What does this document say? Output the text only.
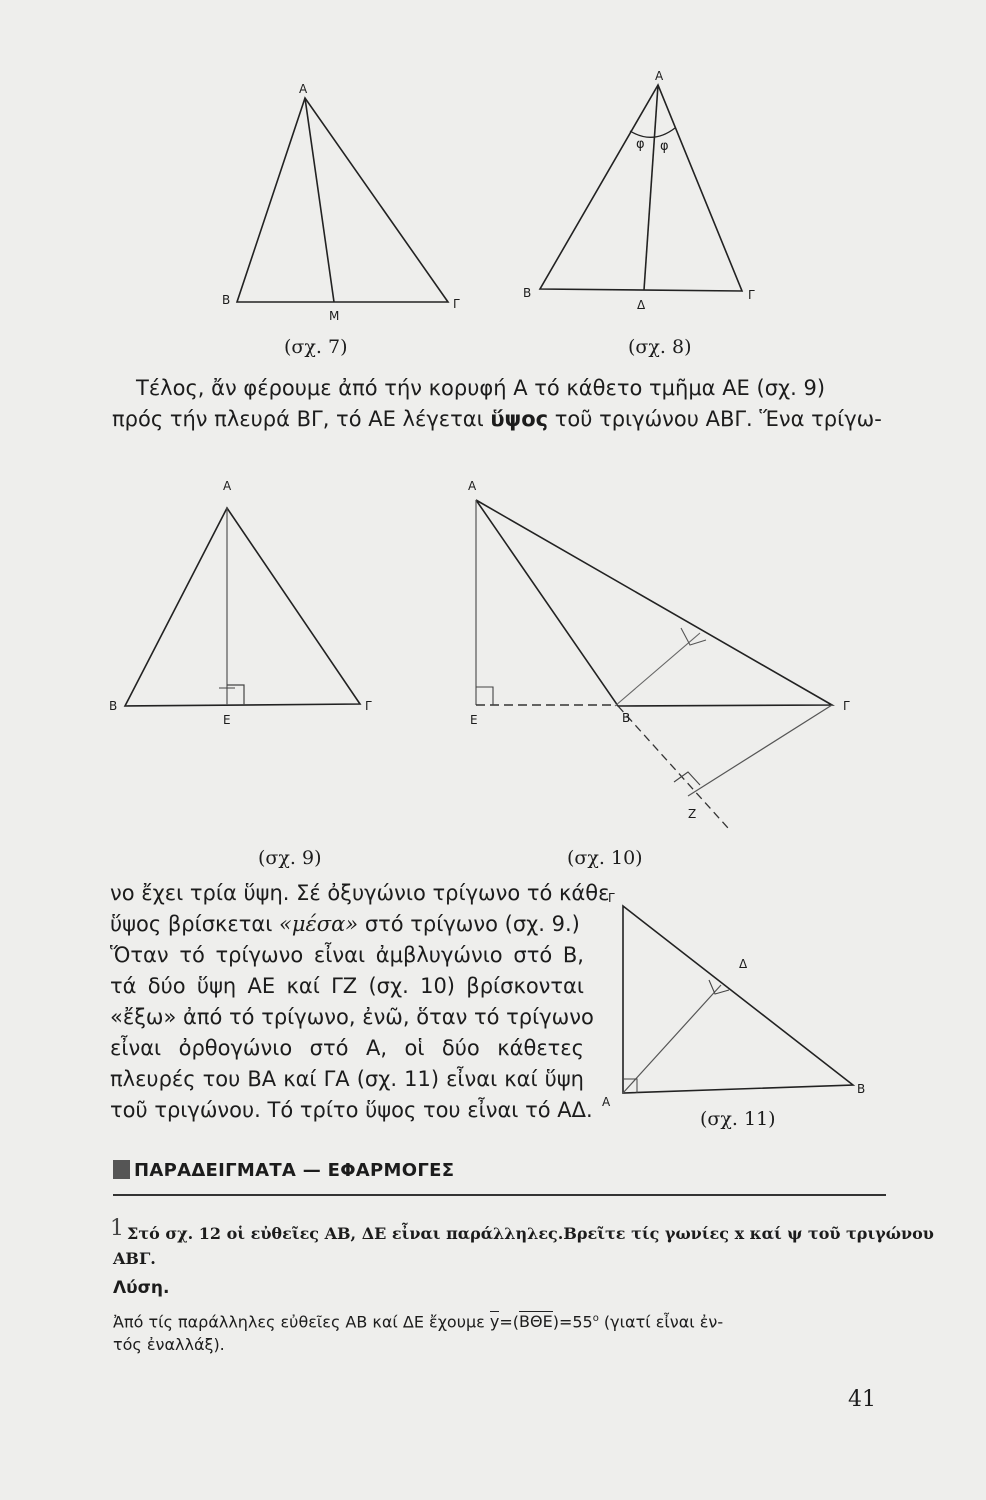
Α
Β
Μ
Γ
(σχ. 7)
φ φ
Α
Β
Δ
Γ
(σχ. 8)
Τέλος, ἄν φέρουμε ἀπό τήν κορυφή Α τό κάθετο τμῆμα ΑΕ (σχ. 9)
πρός τήν πλευρά ΒΓ, τό ΑΕ λέγεται ὕψος τοῦ τριγώνου ΑΒΓ. Ἕνα τρίγω-
Α
Β
Ε
Γ
(σχ. 9)
Α
Ε	Β
Γ
Ζ
(σχ. 10)
νο ἔχει τρία ὕψη. Σέ ὀξυγώνιο τρίγωνο τό κάθε
ὕψος βρίσκεται «μέσα» στό τρίγωνο (σχ. 9.)
Ὅταν τό τρίγωνο εἶναι ἀμβλυγώνιο στό Β,
τά δύο ὕψη ΑΕ καί ΓΖ (σχ. 10) βρίσκονται
«ἔξω» ἀπό τό τρίγωνο, ἐνῶ, ὅταν τό τρίγωνο
εἶναι ὀρθογώνιο στό Α, οἱ δύο κάθετες
πλευρές του ΒΑ καί ΓΑ (σχ. 11) εἶναι καί ὕψη
τοῦ τριγώνου. Τό τρίτο ὕψος του εἶναι τό ΑΔ.
Γ
Δ
Α
Β
(σχ. 11)
ΠΑΡΑΔΕΙΓΜΑΤΑ — ΕΦΑΡΜΟΓΕΣ
1 Στό σχ. 12 οἱ εὐθεῖες ΑΒ, ΔΕ εἶναι παράλληλες.Βρεῖτε τίς γωνίες x καί ψ τοῦ τριγώνου
ΑΒΓ.
Λύση.
Ἀπό τίς παράλληλες εὐθεῖες ΑΒ καί ΔΕ ἔχουμε $y=(B\Theta E)=55^o$ (γιατί εἶναι ἐν-
τός ἐναλλάξ).
41
